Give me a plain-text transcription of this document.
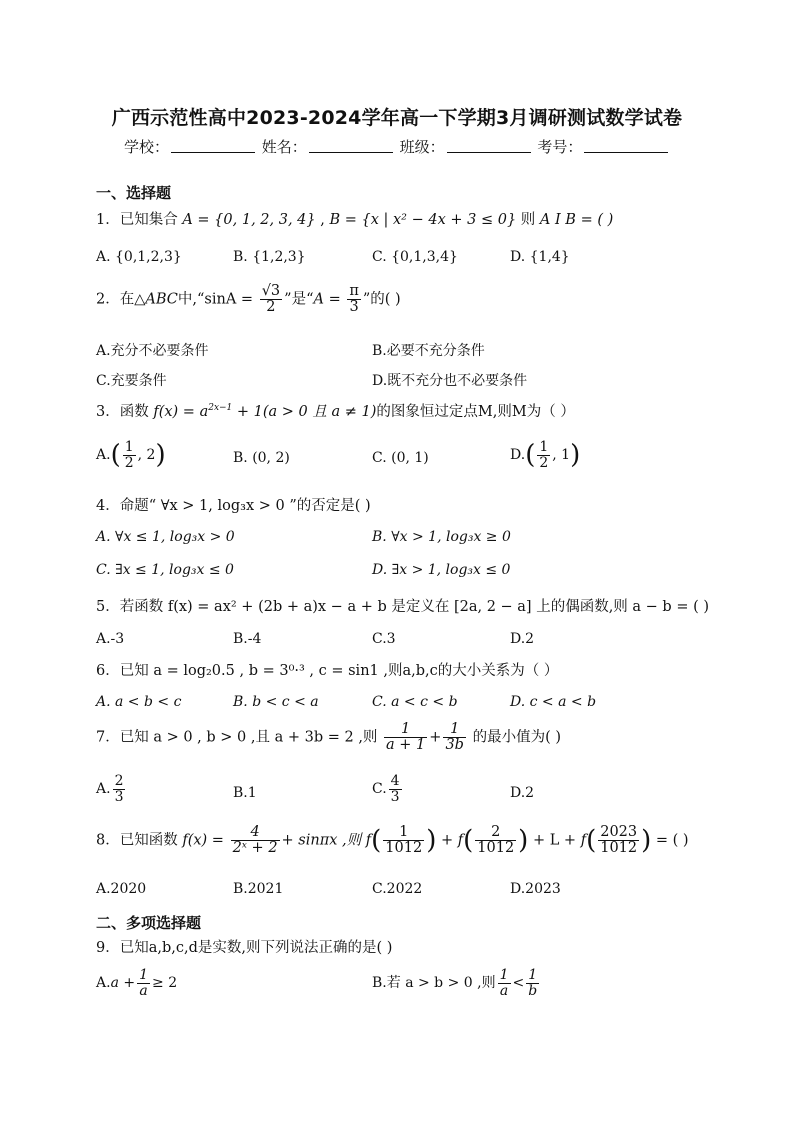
广西示范性高中2023-2024学年高一下学期3月调研测试数学试卷
学校：	姓名：	班级：	考号：
一、选择题
1．已知集合 A = {0, 1, 2, 3, 4} , B = {x | x² − 4x + 3 ≤ 0} 则 A I B = ( )
A. {0,1,2,3}	B. {1,2,3}	C. {0,1,3,4}	D. {1,4}
2．在△ABC中,“sinA = $\frac{√3}{2}$ ”是“$A = \frac{\pi}{3}$ ”的( )
A.充分不必要条件	B.必要不充分条件
C.充要条件	D.既不充分也不必要条件
3．函数 $f(x) = a^{2x-1} + 1(a > 0$ 且 a ≠ 1)的图象恒过定点M,则M为（ ）
$A.( \frac{1}{2}$ , 2)	B. (0, 2)	C. (0, 1)	$D.( \frac{1}{2}$ , 1)
4．命题“ ∀x > 1, log₃x > 0 ”的否定是( )
A. ∀x ≤ 1, log₃x > 0	B. ∀x > 1, log₃x ≥ 0
C. ∃x ≤ 1, log₃x ≤ 0	D. ∃x > 1, log₃x ≤ 0
5．若函数 f(x) = ax² + (2b + a)x − a + b 是定义在 [2a, 2 − a] 上的偶函数,则 a − b = ( )
A.-3	B.-4	C.3	D.2
6．已知 a = log₂0.5 , b = 3⁰·³ , c = sin1 ,则a,b,c的大小关系为（ ）
A. a < b < c	B. b < c < a	C. a < c < b	D. c < a < b
7．已知 a > 0 , b > 0 ,且 a + 3b = 2 ,则 $\frac{1}{a + 1} + \frac{1}{3b}$ 的最小值为( )
A. $\frac{2}{3}$	B.1	C. $\frac{4}{3}$	D.2
8．已知函数 $f(x) = \frac{4}{\text{2ˣ + 2}} + \sin\pi x$ ,则 $f( \frac{1}{1012}$ ) + $f( \frac{2}{1012}$ ) + $L + f( \frac{2023}{1012}$ ) = ( )
A.2020	B.2021	C.2022	D.2023
二、多项选择题
9．已知a,b,c,d是实数,则下列说法正确的是( )
$A.a + \frac{1}{a} \ge 2$	B.若 a > b > 0 ,则 $\frac{1}{a} < \frac{1}{b}$
